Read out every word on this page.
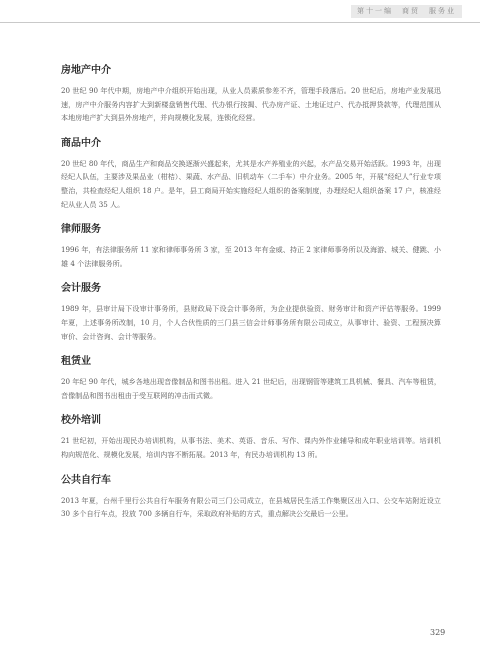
第十一编　商贸　服务业
房地产中介

20 世纪 90 年代中期，房地产中介组织开始出现，从业人员素质参差不齐，管理手段落后。20 世纪后，房地产业发展迅速，房产中介服务内容扩大到新楼盘销售代理、代办银行按揭、代办房产证、土地证过户、代办抵押贷款等，代理范围从本地房地产扩大到县外房地产，并向规模化发展，连锁化经营。

商品中介

20 世纪 80 年代，商品生产和商品交换逐渐兴盛起来，尤其是水产养殖业的兴起，水产品交易开始活跃。1993 年，出现经纪人队伍，主要涉及果品业（柑桔）、果蔬、水产品、旧机动车（二手车）中介业务。2005 年，开展“经纪人”行业专项整治，共检查经纪人组织 18 户。是年，县工商局开始实施经纪人组织的备案制度，办理经纪人组织备案 17 户，核准经纪从业人员 35 人。

律师服务

1996 年，有法律服务所 11 家和律师事务所 3 家，至 2013 年有金威、持正 2 家律师事务所以及海游、城关、健跳、小雄 4 个法律服务所。

会计服务

1989 年，县审计局下设审计事务所，县财政局下设会计事务所，为企业提供验资、财务审计和资产评估等服务。1999 年夏，上述事务所改制，10 月，个人合伙性质的三门县三信会计师事务所有限公司成立，从事审计、验资、工程预决算审价、会计咨询、会计等服务。

租赁业

20 年纪 90 年代，城乡各地出现音像制品和图书出租。进入 21 世纪后，出现钢管等建筑工具机械、餐具、汽车等租赁，音像制品和图书出租由于受互联网的冲击而式微。

校外培训

21 世纪初，开始出现民办培训机构，从事书法、美术、英语、音乐、写作、课内外作业辅导和成年职业培训等。培训机构向规范化、规模化发展，培训内容不断拓展。2013 年，有民办培训机构 13 所。

公共自行车

2013 年夏，台州千里行公共自行车服务有限公司三门公司成立，在县城居民生活工作集聚区出入口、公交车站附近设立 30 多个自行车点，投放 700 多辆自行车，采取政府补贴的方式，重点解决公交最后一公里。

329
